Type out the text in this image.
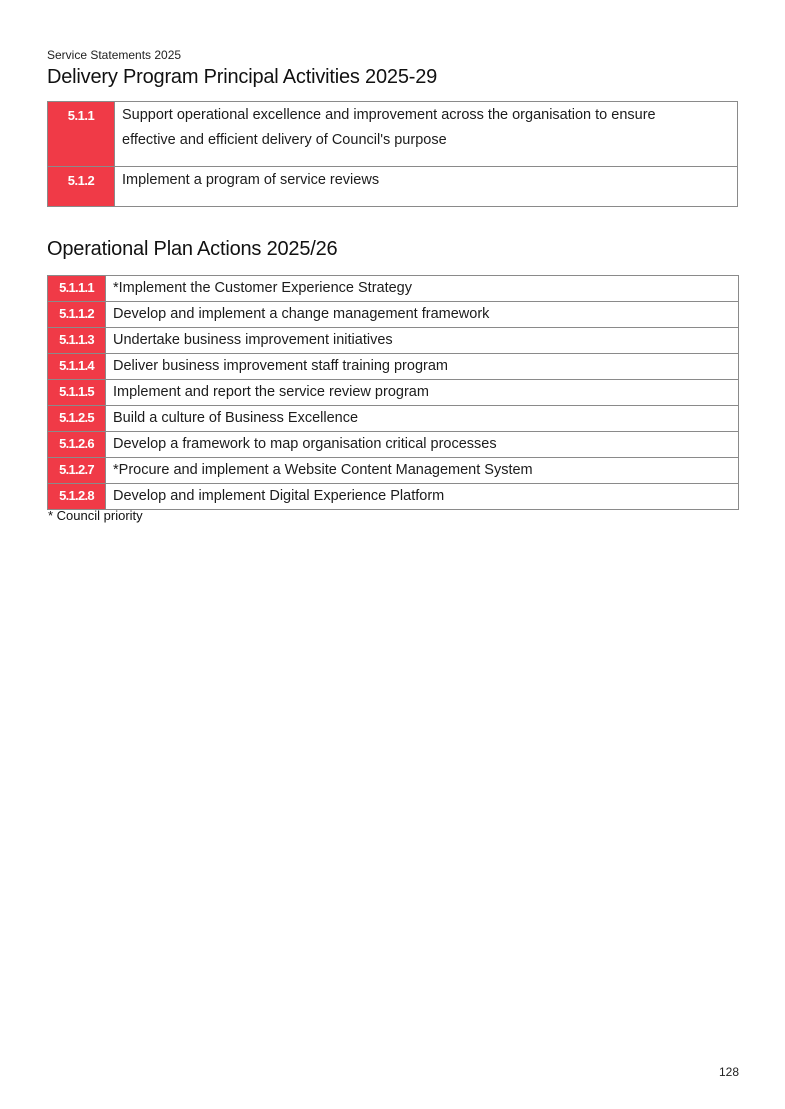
Service Statements 2025
Delivery Program Principal Activities 2025-29
5.1.1	Support operational excellence and improvement across the organisation to ensure
effective and efficient delivery of Council's purpose

5.1.2	Implement a program of service reviews
Operational Plan Actions 2025/26
5.1.1.1	*Implement the Customer Experience Strategy
5.1.1.2	Develop and implement a change management framework
5.1.1.3	Undertake business improvement initiatives
5.1.1.4	Deliver business improvement staff training program
5.1.1.5	Implement and report the service review program
5.1.2.5	Build a culture of Business Excellence
5.1.2.6	Develop a framework to map organisation critical processes
5.1.2.7	*Procure and implement a Website Content Management System
5.1.2.8	Develop and implement Digital Experience Platform
* Council priority
128
